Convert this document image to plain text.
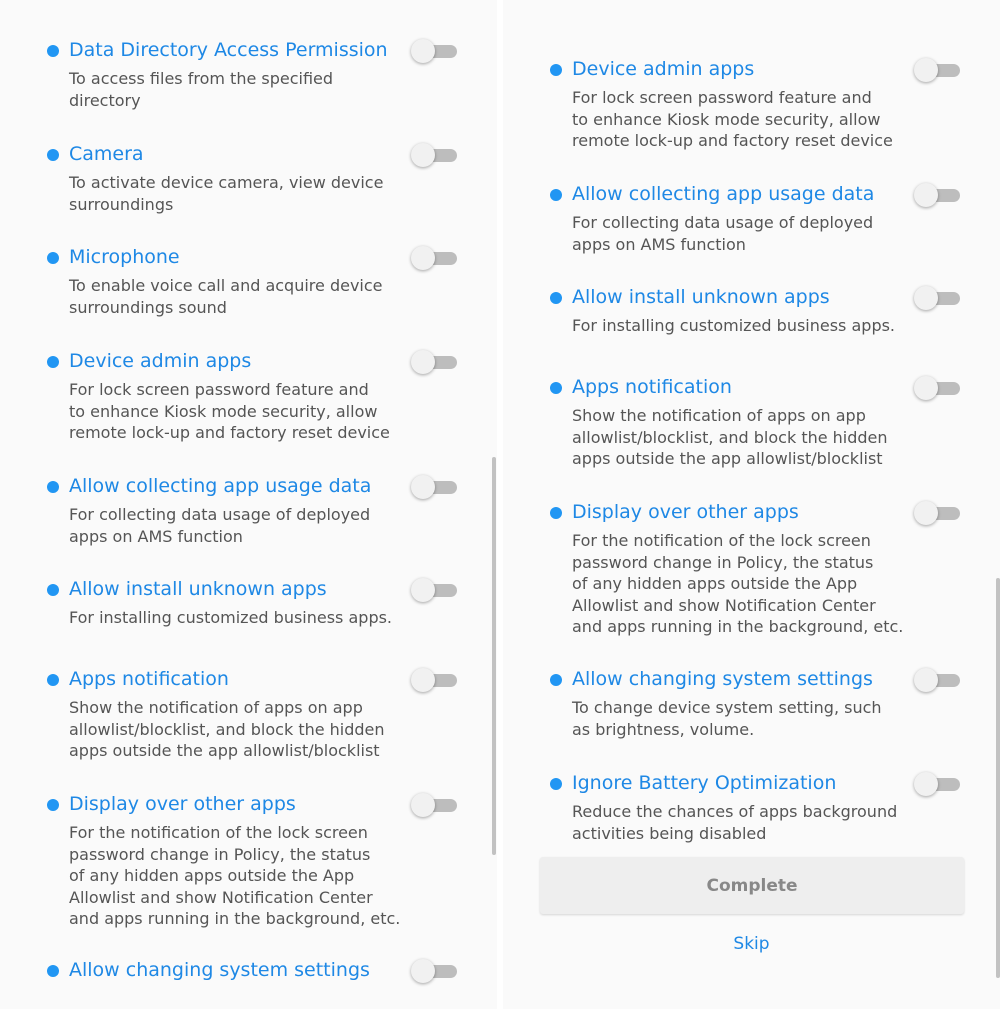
Data Directory Access Permission
To access files from the specified
directory
Camera
To activate device camera, view device
surroundings
Microphone
To enable voice call and acquire device
surroundings sound
Device admin apps
For lock screen password feature and
to enhance Kiosk mode security, allow
remote lock-up and factory reset device
Allow collecting app usage data
For collecting data usage of deployed
apps on AMS function
Allow install unknown apps
For installing customized business apps.
Apps notification
Show the notification of apps on app
allowlist/blocklist, and block the hidden
apps outside the app allowlist/blocklist
Display over other apps
For the notification of the lock screen
password change in Policy, the status
of any hidden apps outside the App
Allowlist and show Notification Center
and apps running in the background, etc.
Allow changing system settings
Device admin apps
For lock screen password feature and
to enhance Kiosk mode security, allow
remote lock-up and factory reset device
Allow collecting app usage data
For collecting data usage of deployed
apps on AMS function
Allow install unknown apps
For installing customized business apps.
Apps notification
Show the notification of apps on app
allowlist/blocklist, and block the hidden
apps outside the app allowlist/blocklist
Display over other apps
For the notification of the lock screen
password change in Policy, the status
of any hidden apps outside the App
Allowlist and show Notification Center
and apps running in the background, etc.
Allow changing system settings
To change device system setting, such
as brightness, volume.
Ignore Battery Optimization
Reduce the chances of apps background
activities being disabled
Complete
Skip
